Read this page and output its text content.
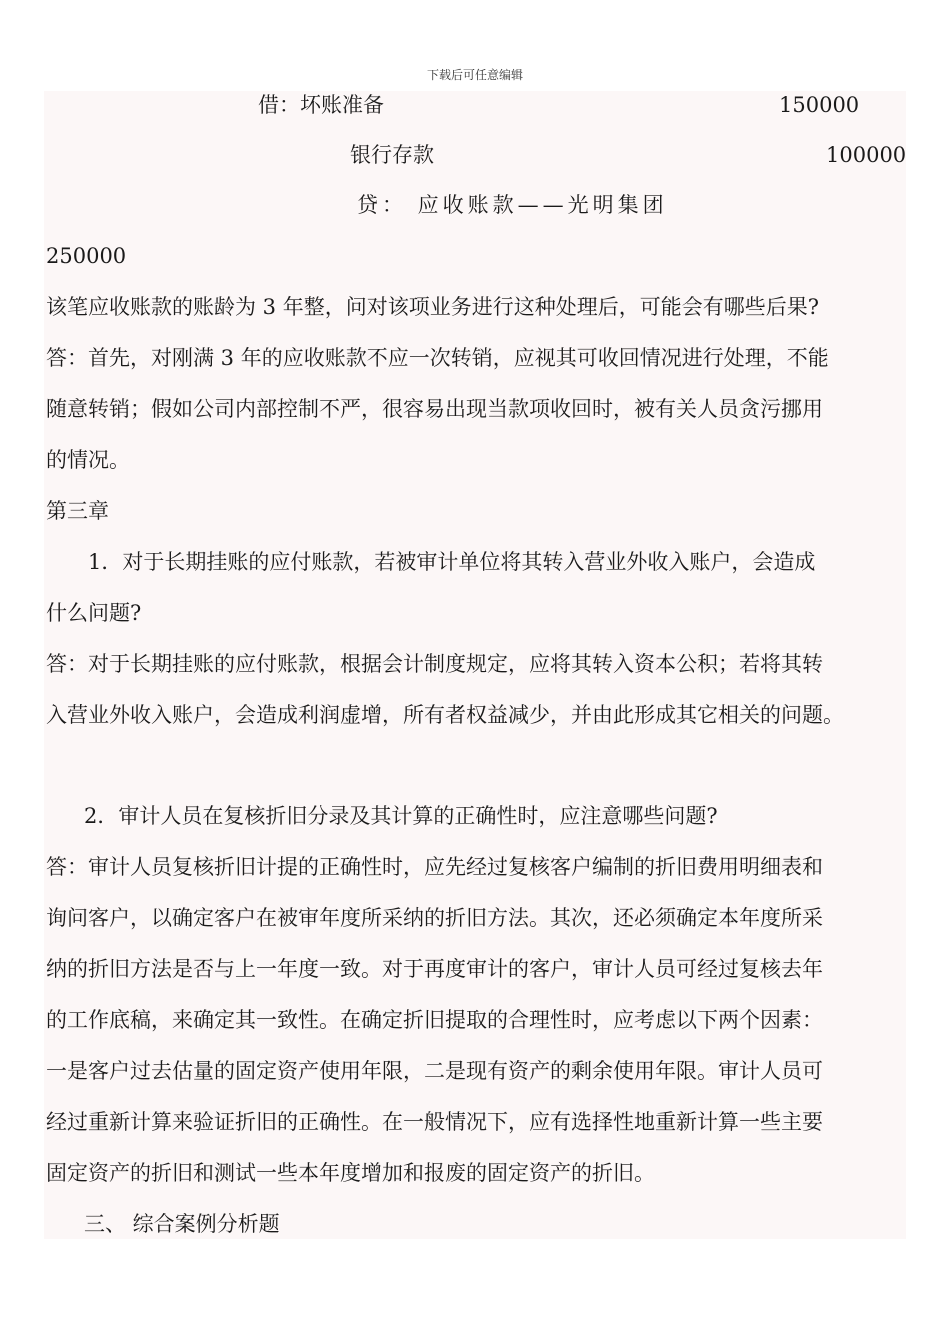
下载后可任意编辑
借：坏账准备	150000
银行存款	100000
贷： 应收账款——光明集团
250000
该笔应收账款的账龄为 3 年整，问对该项业务进行这种处理后，可能会有哪些后果?
答：首先，对刚满 3 年的应收账款不应一次转销，应视其可收回情况进行处理，不能
随意转销；假如公司内部控制不严，很容易出现当款项收回时，被有关人员贪污挪用
的情况。
第三章
1．对于长期挂账的应付账款，若被审计单位将其转入营业外收入账户，会造成
什么问题?
答：对于长期挂账的应付账款，根据会计制度规定，应将其转入资本公积；若将其转
入营业外收入账户，会造成利润虚增，所有者权益减少，并由此形成其它相关的问题。
2．审计人员在复核折旧分录及其计算的正确性时，应注意哪些问题?
答：审计人员复核折旧计提的正确性时，应先经过复核客户编制的折旧费用明细表和
询问客户，以确定客户在被审年度所采纳的折旧方法。其次，还必须确定本年度所采
纳的折旧方法是否与上一年度一致。对于再度审计的客户，审计人员可经过复核去年
的工作底稿，来确定其一致性。在确定折旧提取的合理性时，应考虑以下两个因素：
一是客户过去估量的固定资产使用年限，二是现有资产的剩余使用年限。审计人员可
经过重新计算来验证折旧的正确性。在一般情况下，应有选择性地重新计算一些主要
固定资产的折旧和测试一些本年度增加和报废的固定资产的折旧。
三、 综合案例分析题
